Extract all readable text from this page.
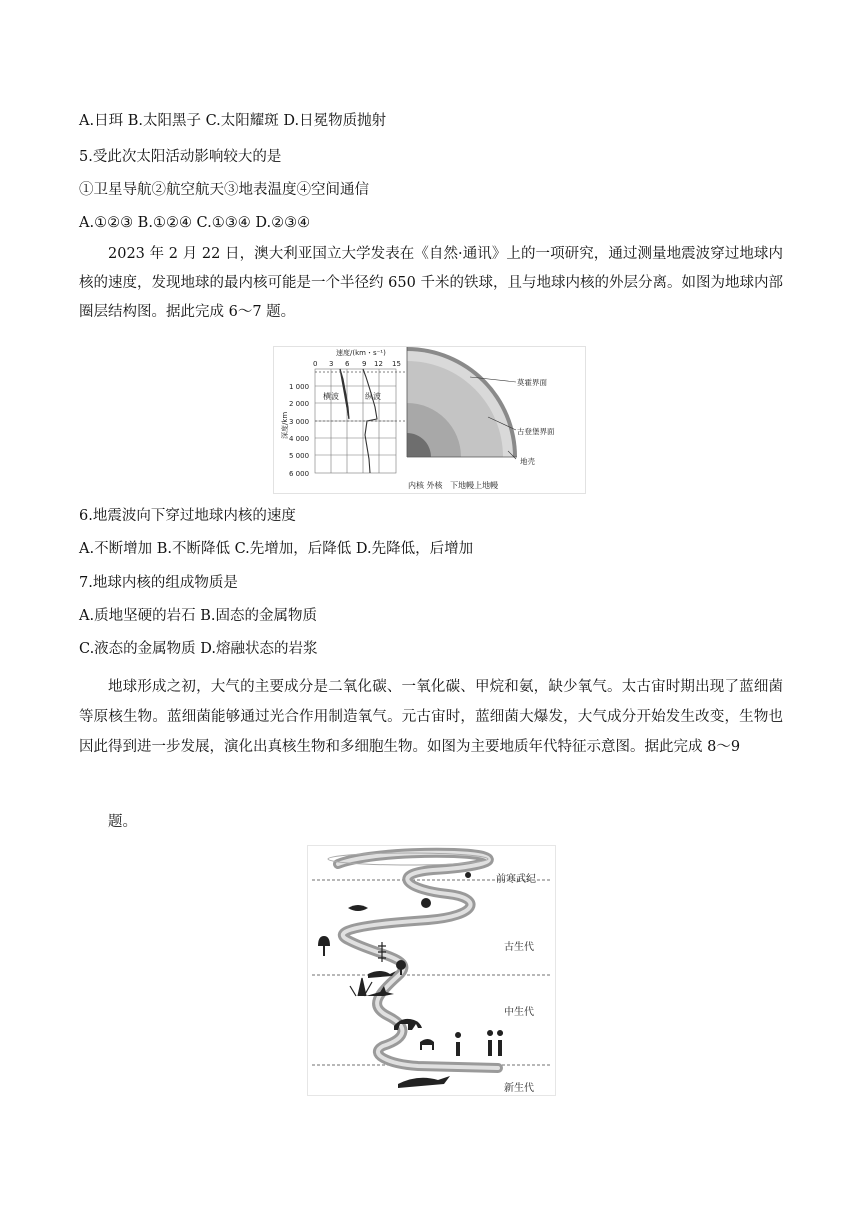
A.日珥 B.太阳黑子 C.太阳耀斑 D.日冕物质抛射
5.受此次太阳活动影响较大的是
①卫星导航②航空航天③地表温度④空间通信
A.①②③ B.①②④ C.①③④ D.②③④
2023 年 2 月 22 日，澳大利亚国立大学发表在《自然·通讯》上的一项研究，通过测量地震波穿过地球内核的速度，发现地球的最内核可能是一个半径约 650 千米的铁球，且与地球内核的外层分离。如图为地球内部圈层结构图。据此完成 6～7 题。
速度/(km・s⁻¹)
0 3 6 9 12 15
深度/km
1 000
2 000
3 000
4 000
5 000
6 000
横波	纵波
莫霍界面
古登堡界面
地壳
内核 外核   下地幔上地幔
6.地震波向下穿过地球内核的速度
A.不断增加 B.不断降低 C.先增加，后降低 D.先降低，后增加
7.地球内核的组成物质是
A.质地坚硬的岩石 B.固态的金属物质
C.液态的金属物质 D.熔融状态的岩浆
地球形成之初，大气的主要成分是二氧化碳、一氧化碳、甲烷和氨，缺少氧气。太古宙时期出现了蓝细菌等原核生物。蓝细菌能够通过光合作用制造氧气。元古宙时，蓝细菌大爆发，大气成分开始发生改变，生物也因此得到进一步发展，演化出真核生物和多细胞生物。如图为主要地质年代特征示意图。据此完成 8～9
题。
前寒武纪
古生代
中生代
新生代
